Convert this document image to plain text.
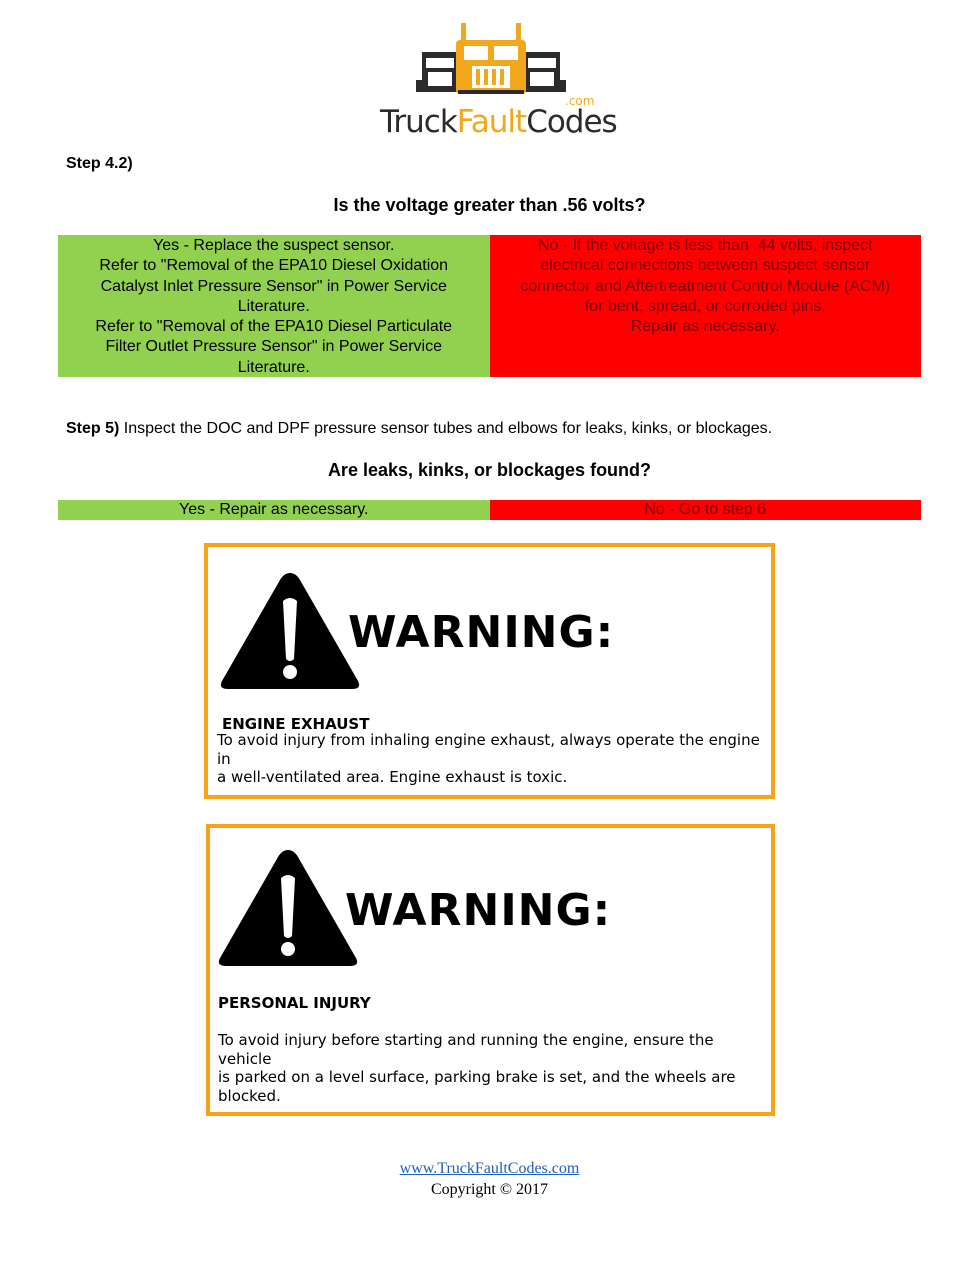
.com
TruckFaultCodes
Step 4.2)
Is the voltage greater than .56 volts?
Yes - Replace the suspect sensor.
Refer to "Removal of the EPA10 Diesel Oxidation
Catalyst Inlet Pressure Sensor" in Power Service
Literature.
Refer to "Removal of the EPA10 Diesel Particulate
Filter Outlet Pressure Sensor" in Power Service
Literature.
No - If the voltage is less than .44 volts, inspect
electrical connections between suspect sensor
connector and Aftertreatment Control Module (ACM)
for bent, spread, or corroded pins.
Repair as necessary.
Step 5) Inspect the DOC and DPF pressure sensor tubes and elbows for leaks, kinks, or blockages.
Are leaks, kinks, or blockages found?
Yes - Repair as necessary.	No - Go to step 6
WARNING:
ENGINE EXHAUST
To avoid injury from inhaling engine exhaust, always operate the engine in
a well-ventilated area. Engine exhaust is toxic.
WARNING:
PERSONAL INJURY
To avoid injury before starting and running the engine, ensure the vehicle
is parked on a level surface, parking brake is set, and the wheels are
blocked.
www.TruckFaultCodes.com
Copyright © 2017
